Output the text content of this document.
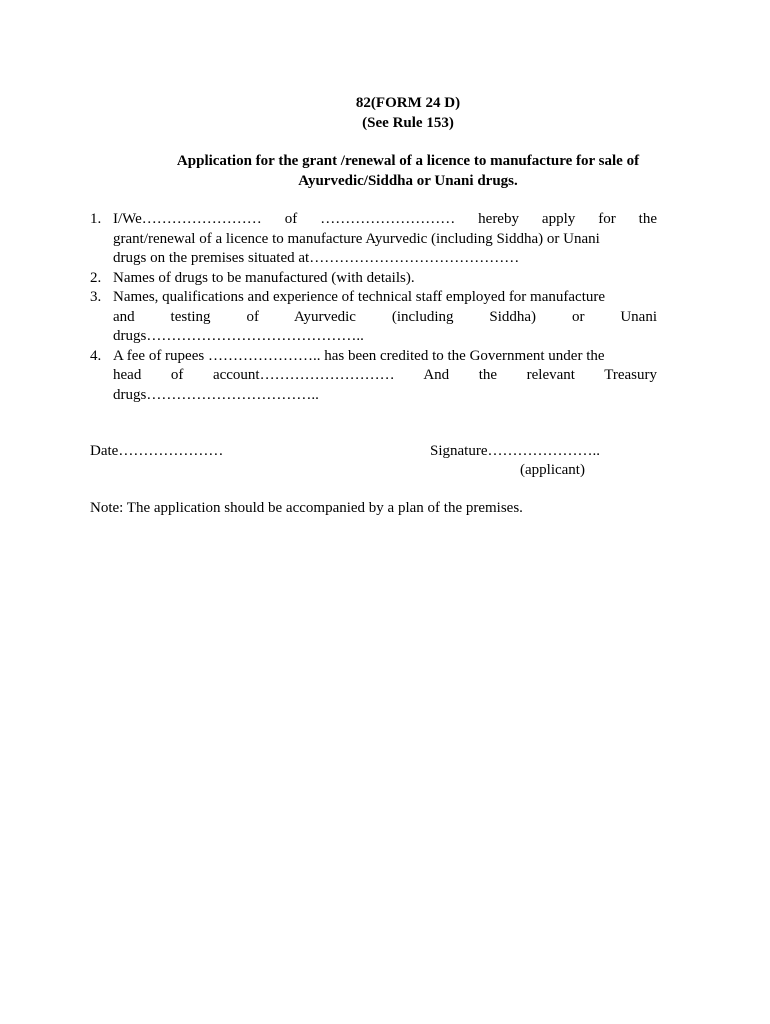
82(FORM 24 D)
(See Rule 153)
Application for the grant /renewal of a licence to manufacture for sale of Ayurvedic/Siddha or Unani drugs.
1. I/We…………………… of ……………………… hereby apply for the
grant/renewal of a licence to manufacture Ayurvedic (including Siddha) or Unani
drugs on the premises situated at……………………………………
2. Names of drugs to be manufactured (with details).
3. Names, qualifications and experience of technical staff employed for manufacture
and testing of Ayurvedic (including Siddha) or Unani
drugs……………………………………..
4. A fee of rupees ………………….. has been credited to the Government under the
head of account……………………… And the relevant Treasury
drugs……………………………..
Date…………………	Signature…………………..
(applicant)
Note: The application should be accompanied by a plan of the premises.
